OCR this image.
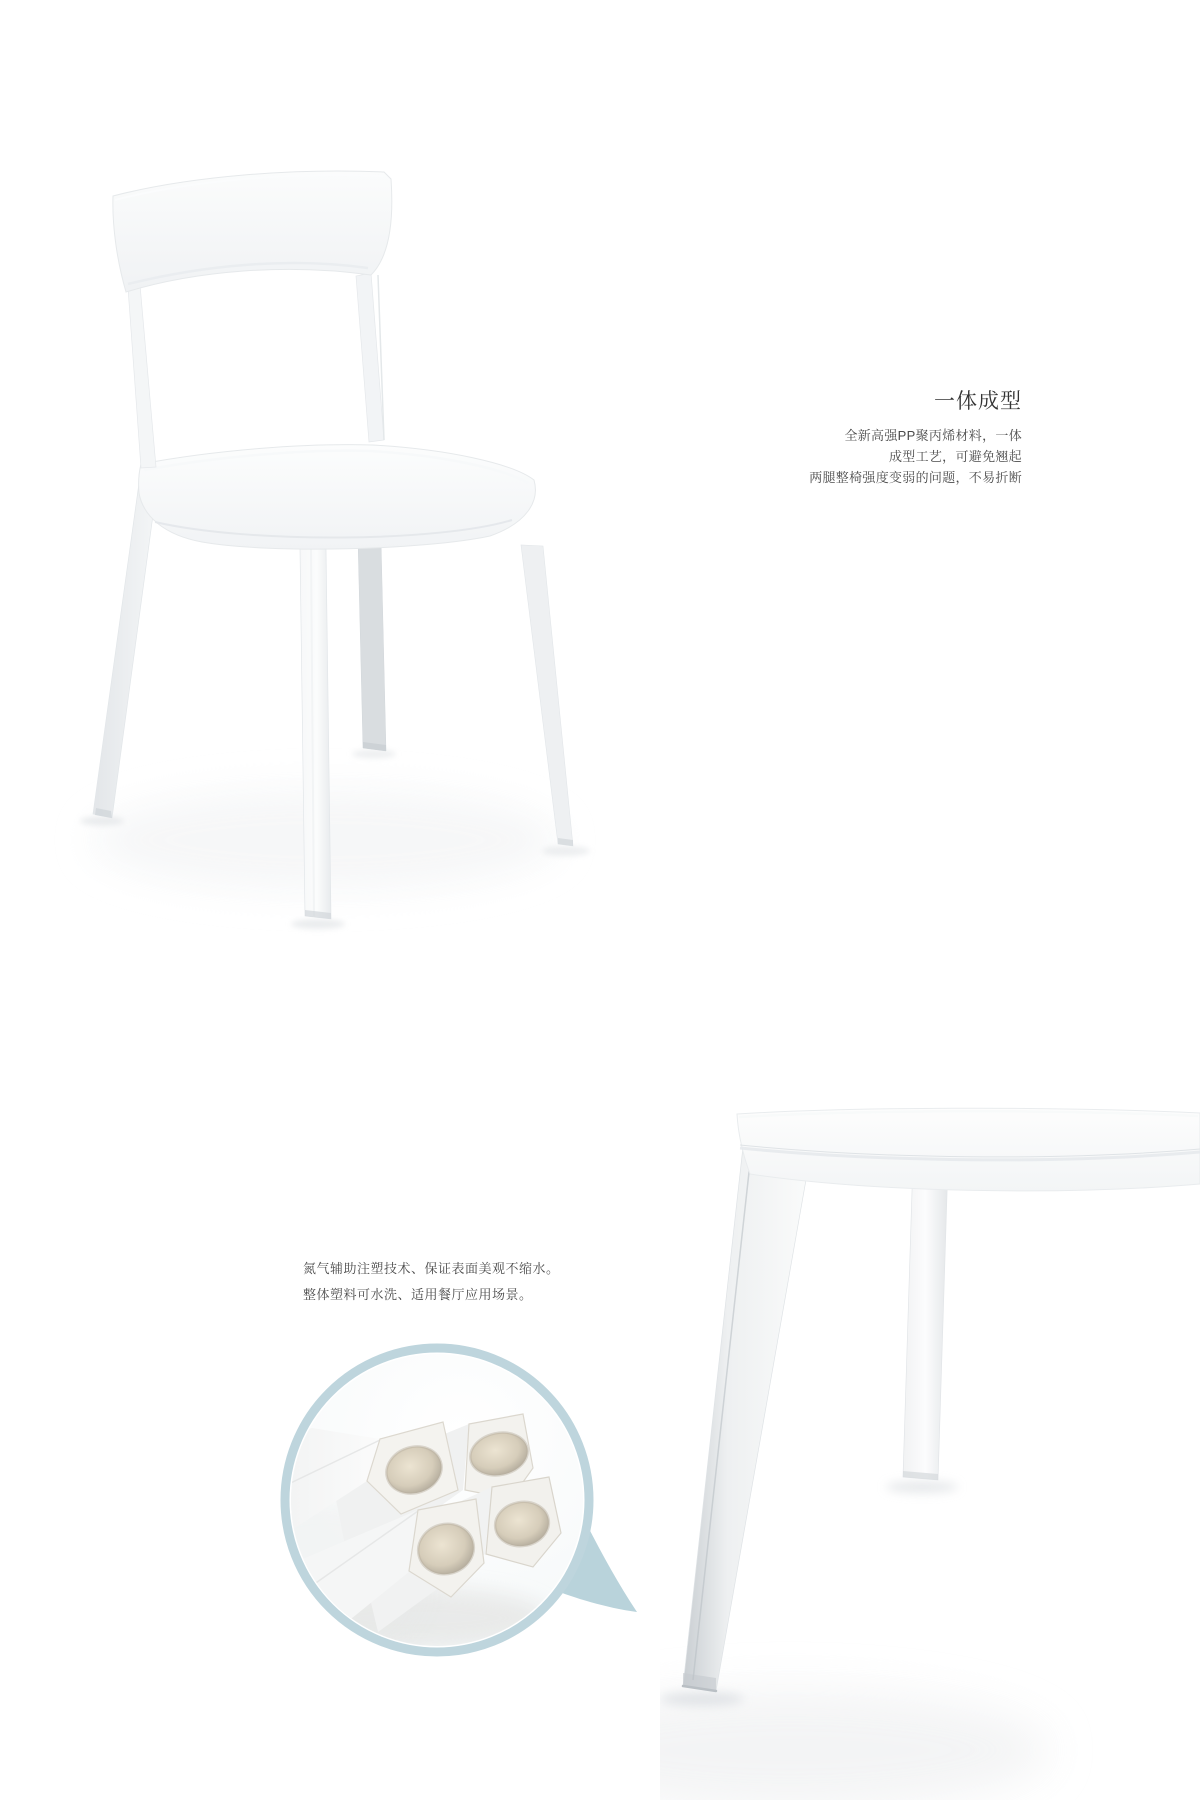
一体成型

全新高强PP聚丙烯材料，一体
成型工艺，可避免翘起
两腿整椅强度变弱的问题，不易折断

氮气辅助注塑技术、保证表面美观不缩水。
整体塑料可水洗、适用餐厅应用场景。
